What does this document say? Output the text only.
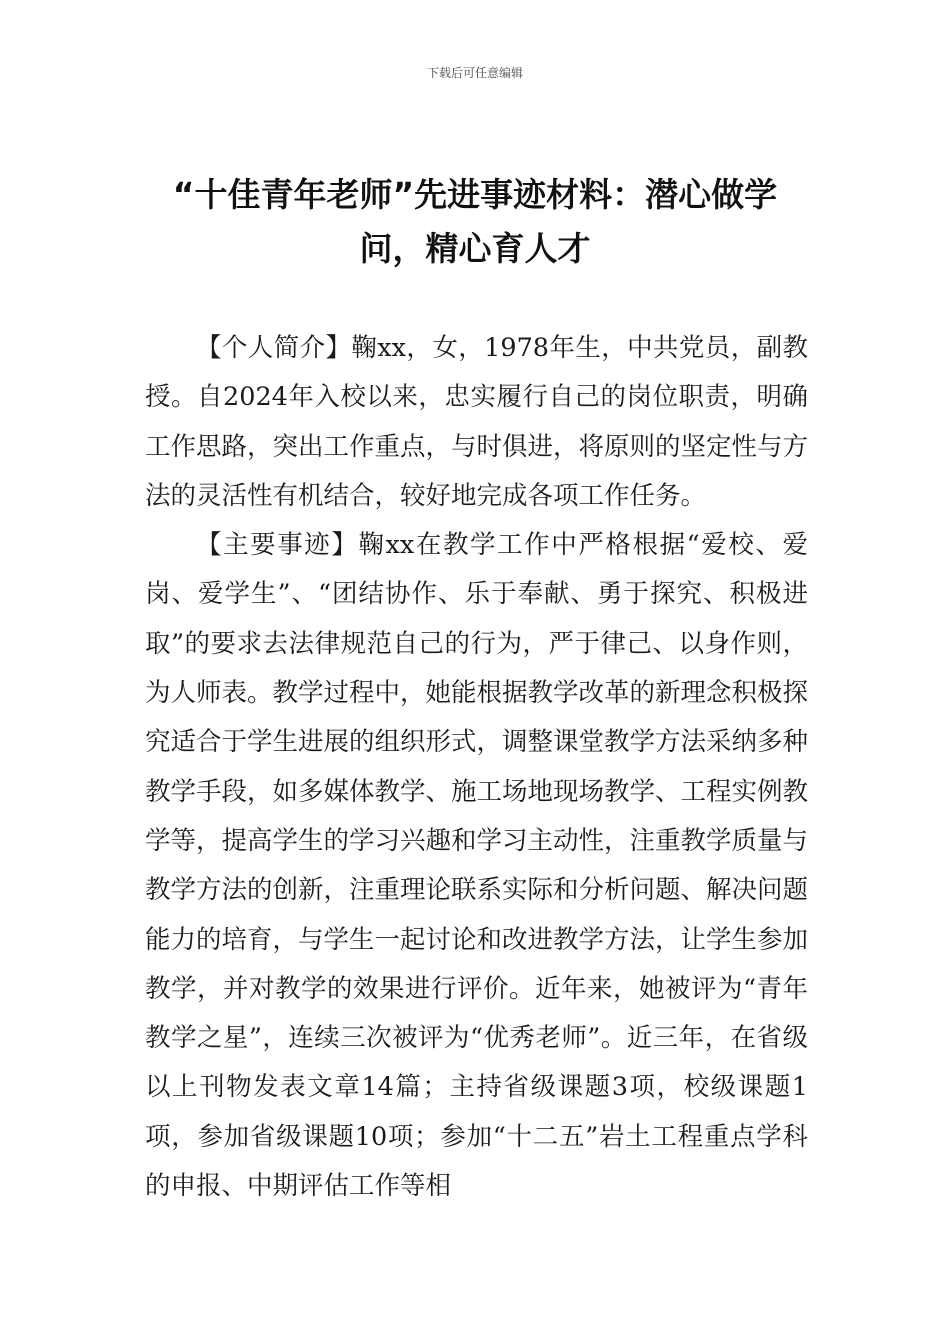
下载后可任意编辑
“十佳青年老师”先进事迹材料：潜心做学问，精心育人才

【个人简介】鞠xx，女，1978年生，中共党员，副教授。自2024年入校以来，忠实履行自己的岗位职责，明确工作思路，突出工作重点，与时俱进，将原则的坚定性与方法的灵活性有机结合，较好地完成各项工作任务。

【主要事迹】鞠xx在教学工作中严格根据“爱校、爱岗、爱学生”、“团结协作、乐于奉献、勇于探究、积极进取”的要求去法律规范自己的行为，严于律己、以身作则，为人师表。教学过程中，她能根据教学改革的新理念积极探究适合于学生进展的组织形式，调整课堂教学方法采纳多种教学手段，如多媒体教学、施工场地现场教学、工程实例教学等，提高学生的学习兴趣和学习主动性，注重教学质量与教学方法的创新，注重理论联系实际和分析问题、解决问题能力的培育，与学生一起讨论和改进教学方法，让学生参加教学，并对教学的效果进行评价。近年来，她被评为“青年教学之星”，连续三次被评为“优秀老师”。近三年，在省级以上刊物发表文章14篇；主持省级课题3项，校级课题1项，参加省级课题10项；参加“十二五”岩土工程重点学科的申报、中期评估工作等相
